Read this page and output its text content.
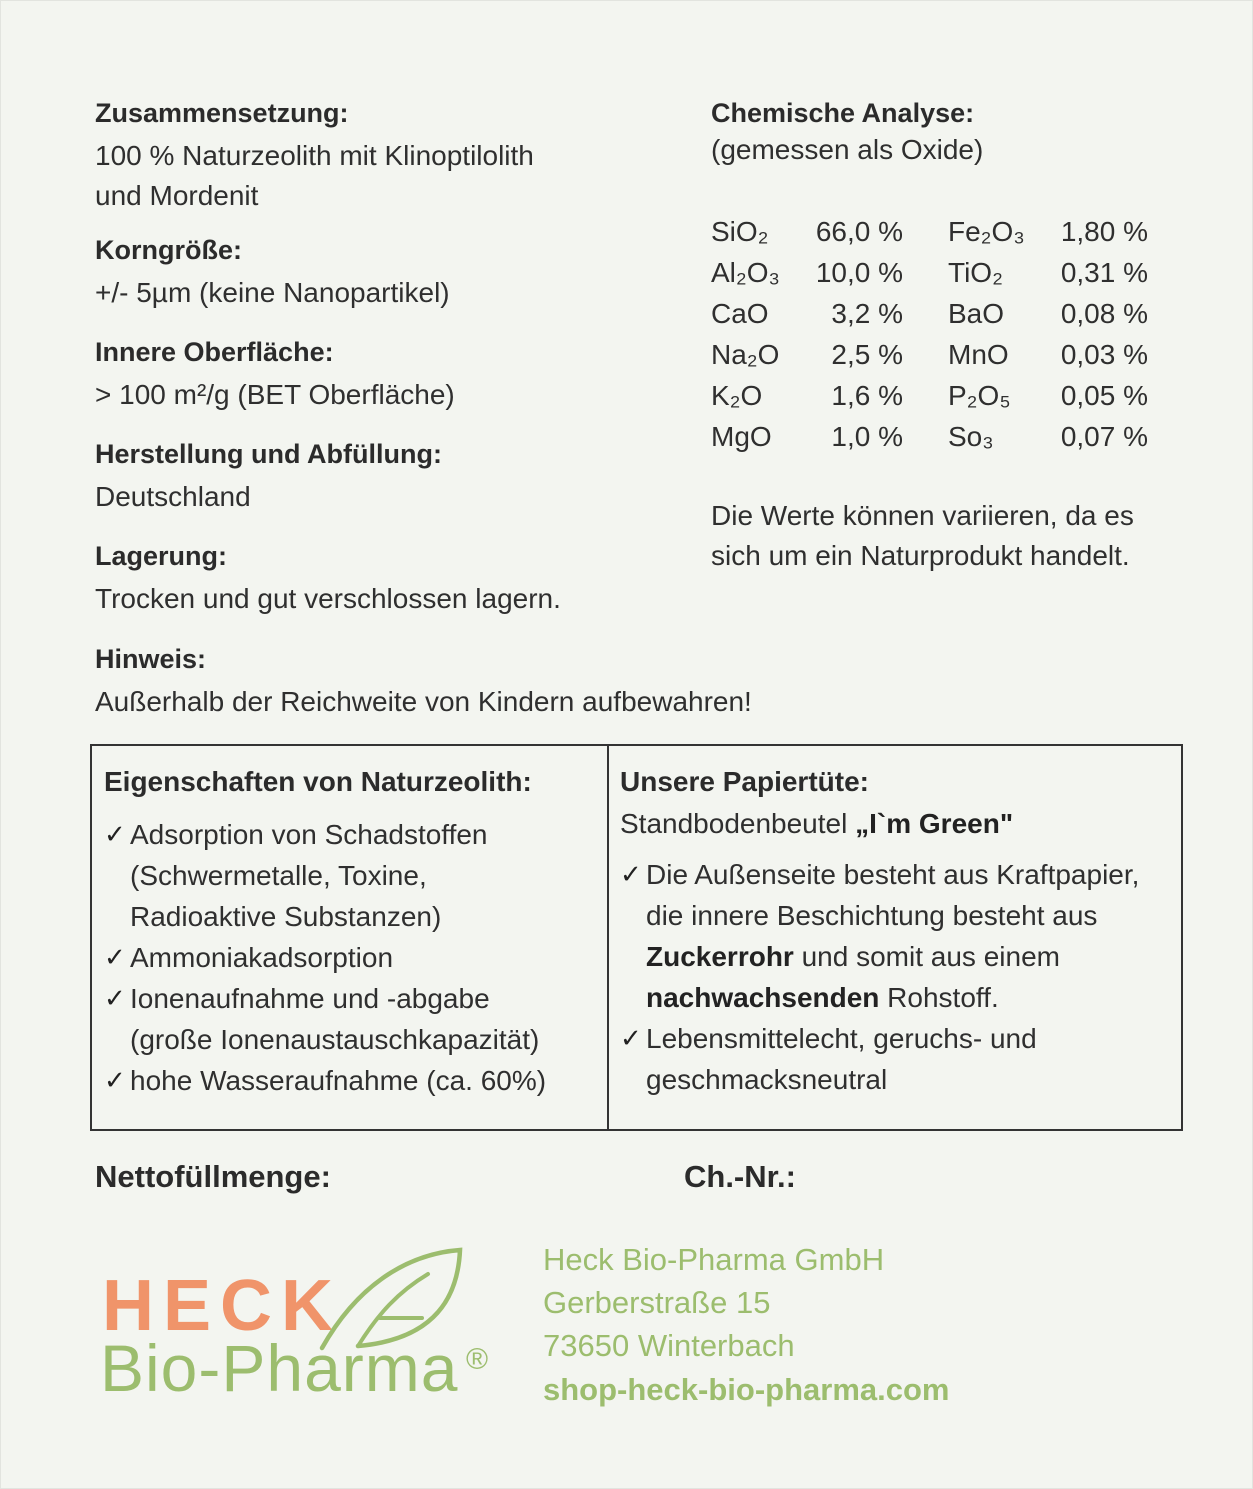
Zusammensetzung:
100 % Naturzeolith mit Klinoptilolith
und Mordenit
Korngröße:
+/- 5µm (keine Nanopartikel)
Innere Oberfläche:
> 100 m²/g (BET Oberfläche)
Herstellung und Abfüllung:
Deutschland
Lagerung:
Trocken und gut verschlossen lagern.
Hinweis:
Außerhalb der Reichweite von Kindern aufbewahren!
Chemische Analyse:
(gemessen als Oxide)
SiO₂ 66,0 % Fe₂O₃ 1,80 %
Al₂O₃ 10,0 % TiO₂ 0,31 %
CaO	3,2 % BaO 0,08 %
Na₂O	2,5 % MnO 0,03 %
K₂O	1,6 % P₂O₅ 0,05 %
MgO	1,0 % So₃ 0,07 %
Die Werte können variieren, da es
sich um ein Naturprodukt handelt.
Eigenschaften von Naturzeolith:
✓ Adsorption von Schadstoffen
(Schwermetalle, Toxine,
Radioaktive Substanzen)
✓ Ammoniakadsorption
✓ Ionenaufnahme und -abgabe
(große Ionenaustauschkapazität)
✓ hohe Wasseraufnahme (ca. 60%)
Unsere Papiertüte:
Standbodenbeutel „I`m Green"
✓ Die Außenseite besteht aus Kraftpapier,
die innere Beschichtung besteht aus
Zuckerrohr und somit aus einem
nachwachsenden Rohstoff.
✓ Lebensmittelecht, geruchs- und
geschmacksneutral
Nettofüllmenge:	Ch.-Nr.:
HECK
Bio-Pharma ®
Heck Bio-Pharma GmbH
Gerberstraße 15
73650 Winterbach
shop-heck-bio-pharma.com
